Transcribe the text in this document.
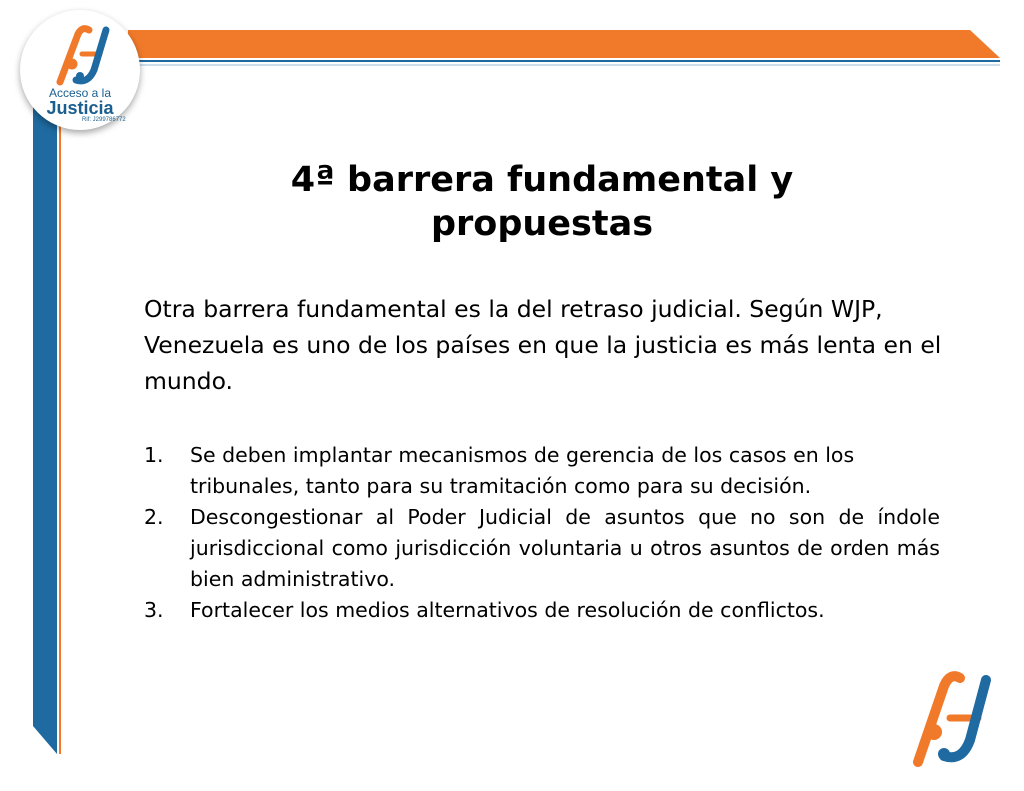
Acceso a la
Justicia
Rif: J299786772
4ª barrera fundamental y propuestas

Otra barrera fundamental es la del retraso judicial. Según WJP, Venezuela es uno de los países en que la justicia es más lenta en el mundo.

1.	Se deben implantar mecanismos de gerencia de los casos en los tribunales, tanto para su tramitación como para su decisión.
2.	Descongestionar al Poder Judicial de asuntos que no son de índole jurisdiccional como jurisdicción voluntaria u otros asuntos de orden más bien administrativo.
3.	Fortalecer los medios alternativos de resolución de conflictos.
